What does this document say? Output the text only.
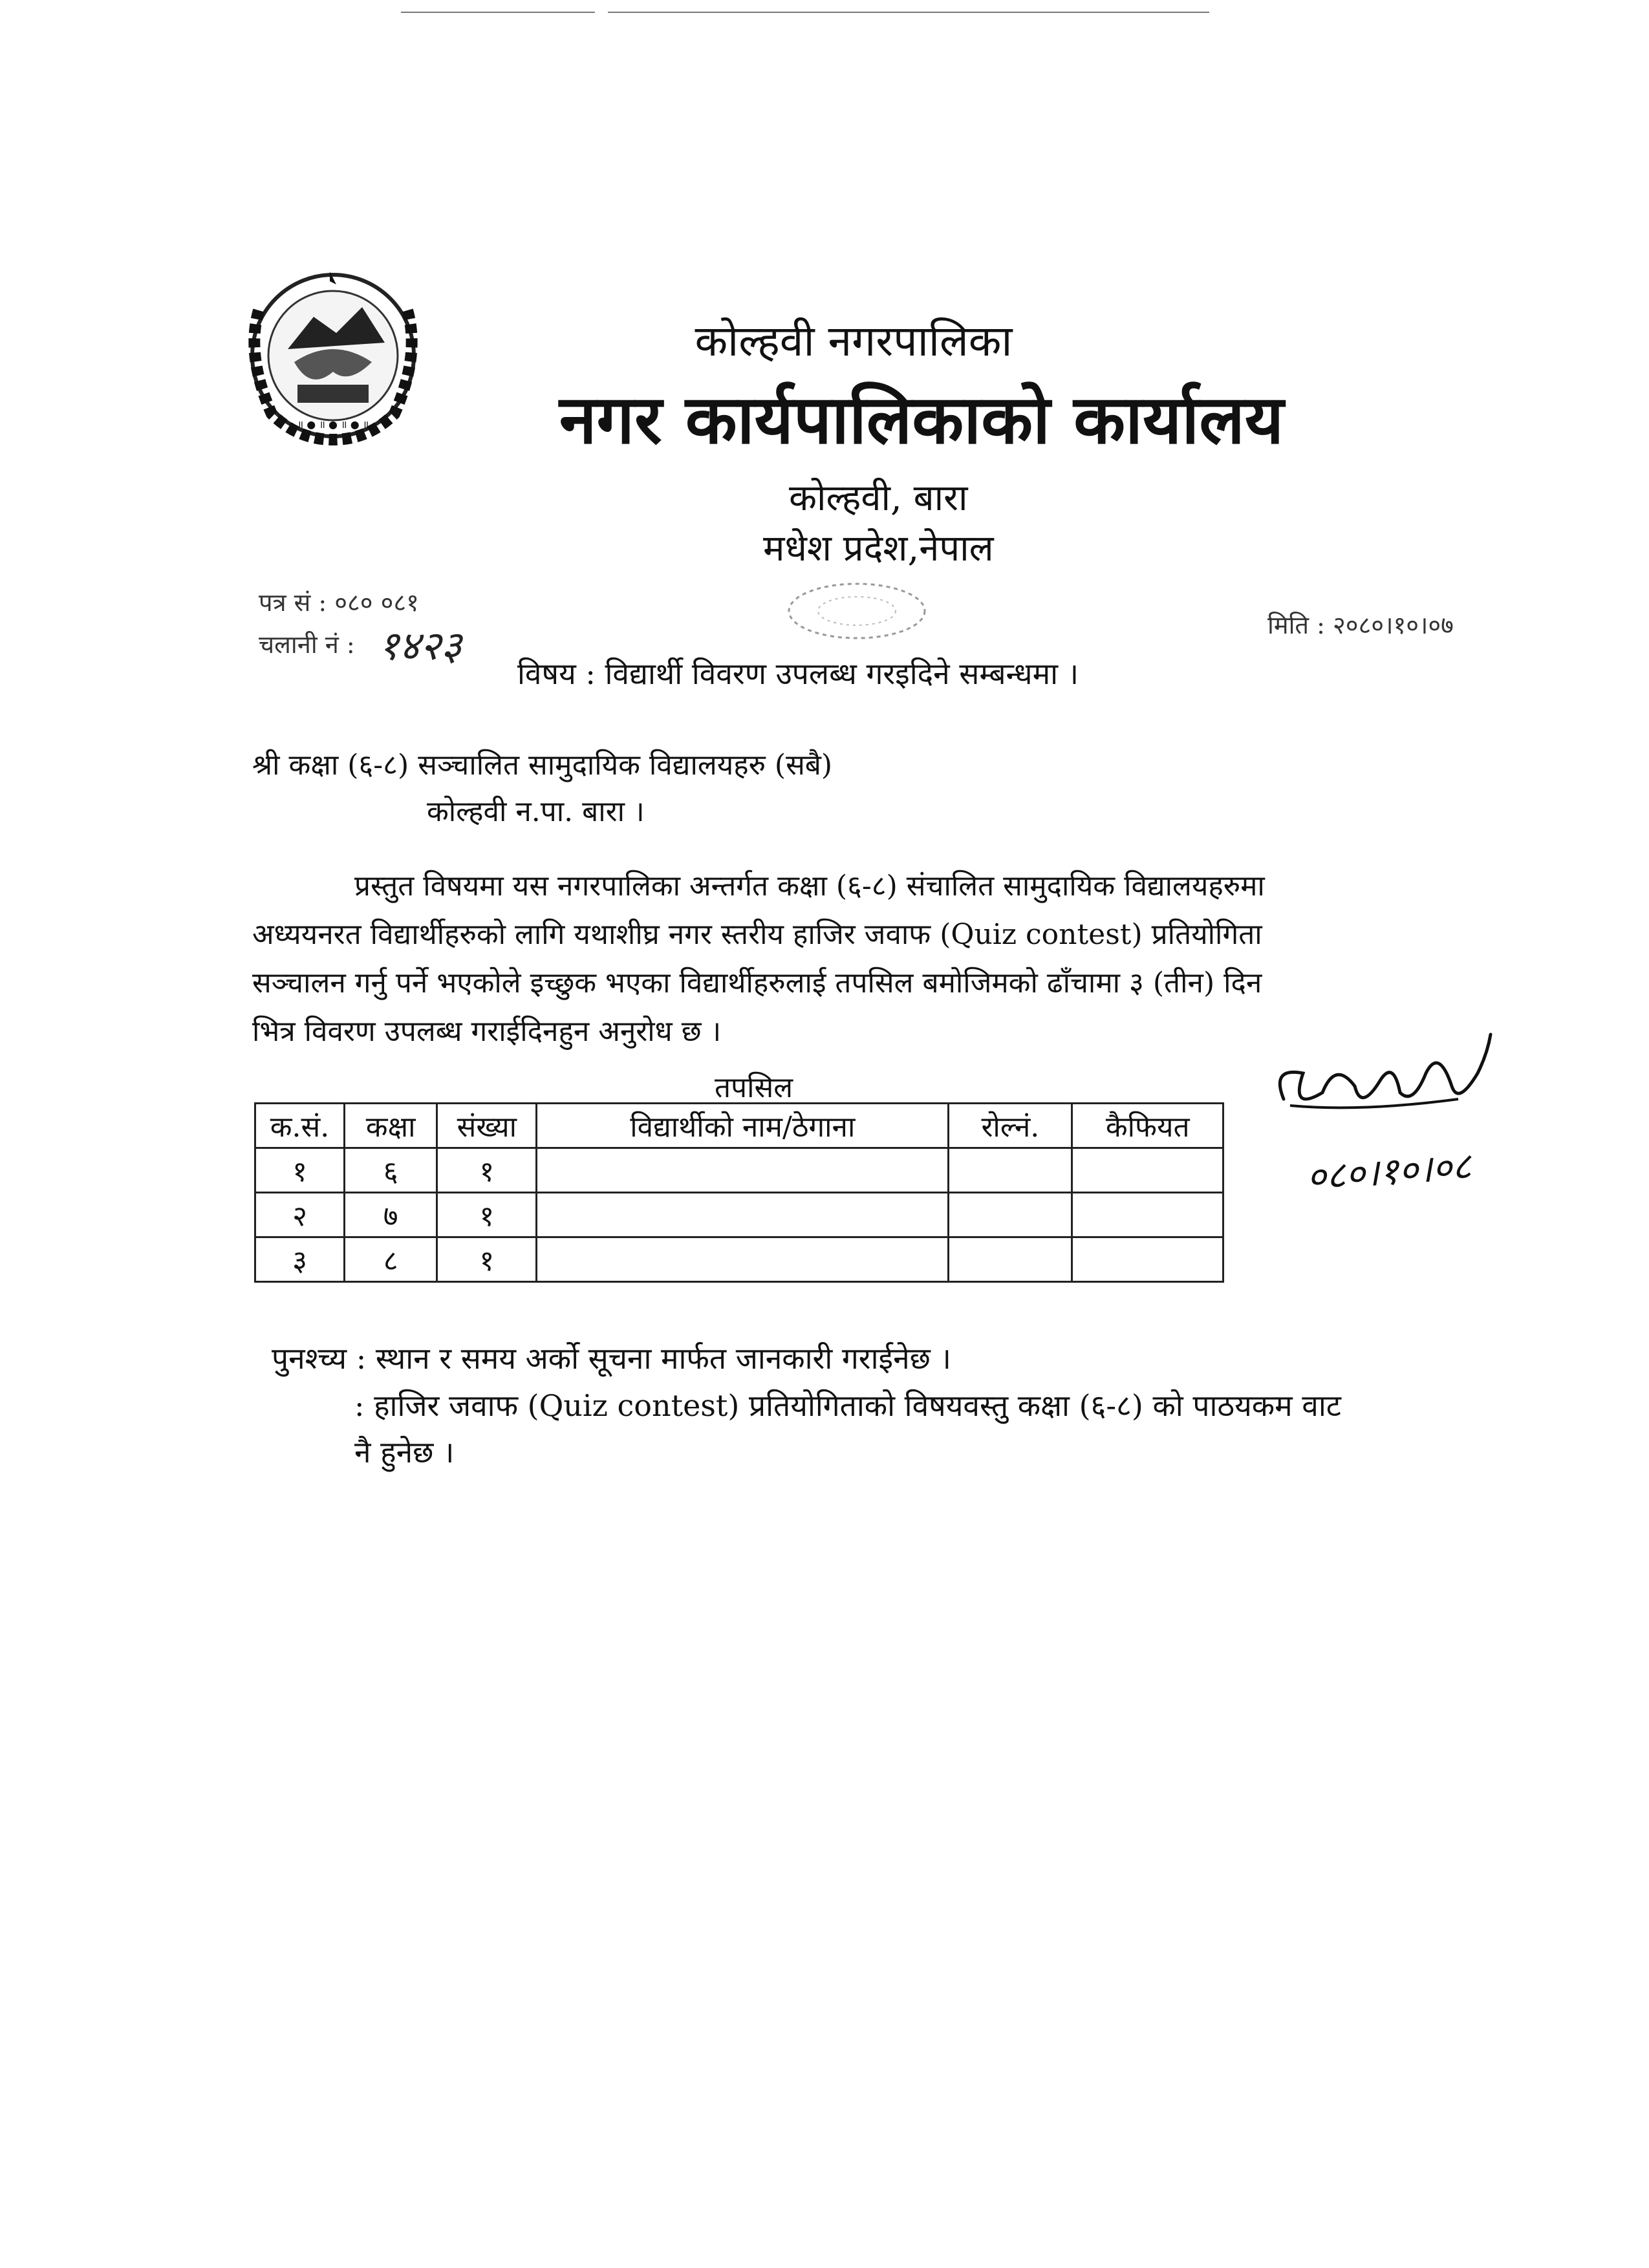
॥ ● ॥ ● ॥ ● ॥
कोल्हवी नगरपालिका
नगर कार्यपालिकाको कार्यालय
कोल्हवी, बारा
मधेश प्रदेश,नेपाल
पत्र सं : ०८० ०८१
चलानी नं : १४२३	मिति : २०८०।१०।०७
विषय : विद्यार्थी विवरण उपलब्ध गरइदिने सम्बन्धमा ।
श्री कक्षा (६-८) सञ्चालित सामुदायिक विद्यालयहरु (सबै)
कोल्हवी न.पा. बारा ।
प्रस्तुत विषयमा यस नगरपालिका अन्तर्गत कक्षा (६-८) संचालित सामुदायिक विद्यालयहरुमा
अध्ययनरत विद्यार्थीहरुको लागि यथाशीघ्र नगर स्तरीय हाजिर जवाफ (Quiz contest) प्रतियोगिता
सञ्चालन गर्नु पर्ने भएकोले इच्छुक भएका विद्यार्थीहरुलाई तपसिल बमोजिमको ढाँचामा ३ (तीन) दिन
भित्र विवरण उपलब्ध गराईदिनहुन अनुरोध छ ।
तपसिल
क.सं.	कक्षा	संख्या	विद्यार्थीको नाम/ठेगाना	रोल्नं.	कैफियत
१	६	१			
२	७	१			
३	८	१			
०८०।१०।०८
पुनश्च्य : स्थान र समय अर्को सूचना मार्फत जानकारी गराईनेछ ।
: हाजिर जवाफ (Quiz contest) प्रतियोगिताको विषयवस्तु कक्षा (६-८) को पाठयकम वाट
नै हुनेछ ।
